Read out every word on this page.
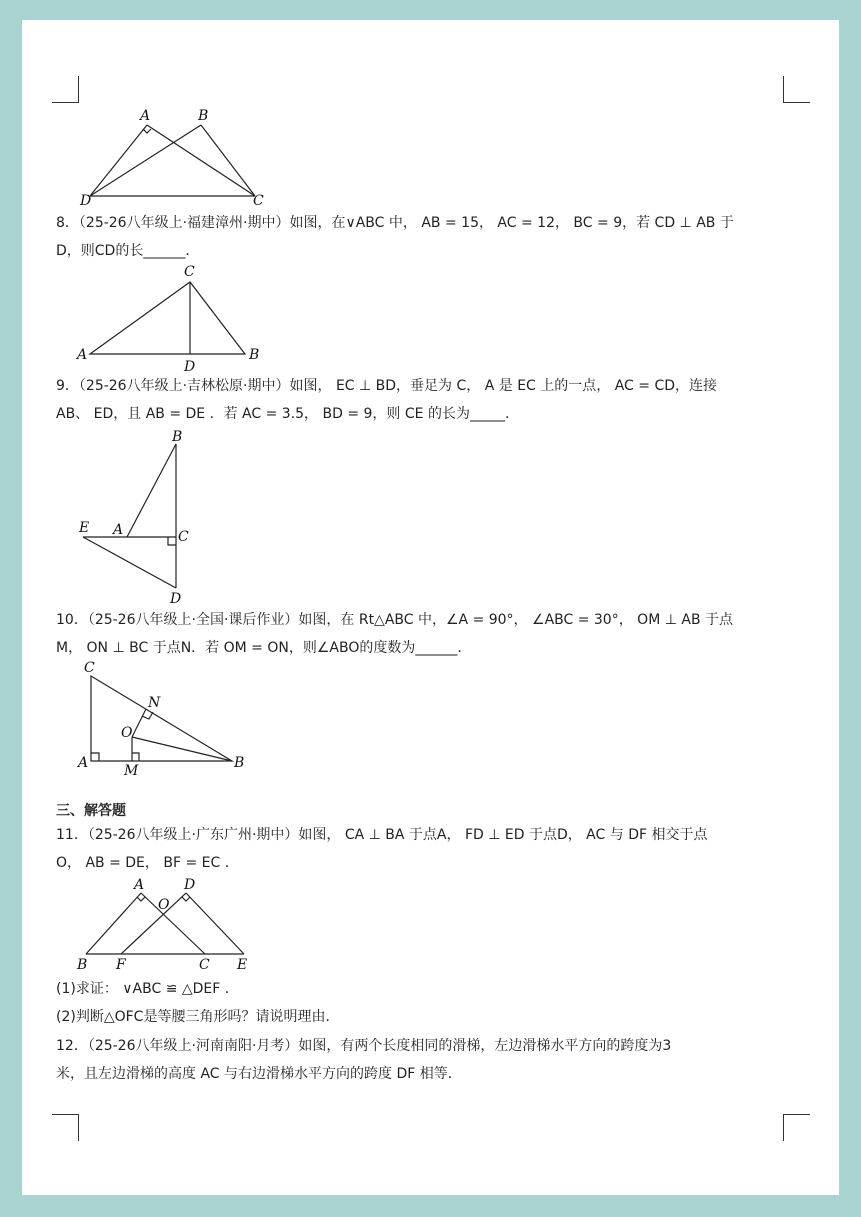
A	B
D	C
C
A
D
B
B
E A	C
D
C
N
O
A	M	B
A	D
O
B F	C E
8．（25-26八年级上·福建漳州·期中）如图，在∨ABC 中， AB = 15， AC = 12， BC = 9，若 CD ⊥ AB 于
D，则CD的长______．
9．（25-26八年级上·吉林松原·期中）如图， EC ⊥ BD，垂足为 C， A 是 EC 上的一点， AC = CD，连接
AB、 ED，且 AB = DE ．若 AC = 3.5， BD = 9，则 CE 的长为_____．
10．（25-26八年级上·全国·课后作业）如图，在 Rt△ABC 中，∠A = 90°， ∠ABC = 30°， OM ⊥ AB 于点
M， ON ⊥ BC 于点N．若 OM = ON，则∠ABO的度数为______．
三、解答题
11．（25-26八年级上·广东广州·期中）如图， CA ⊥ BA 于点A， FD ⊥ ED 于点D， AC 与 DF 相交于点
O， AB = DE， BF = EC ．
(1)求证： ∨ABC ≌ △DEF ．
(2)判断△OFC是等腰三角形吗？请说明理由．
12．（25-26八年级上·河南南阳·月考）如图，有两个长度相同的滑梯，左边滑梯水平方向的跨度为3
米，且左边滑梯的高度 AC 与右边滑梯水平方向的跨度 DF 相等．
